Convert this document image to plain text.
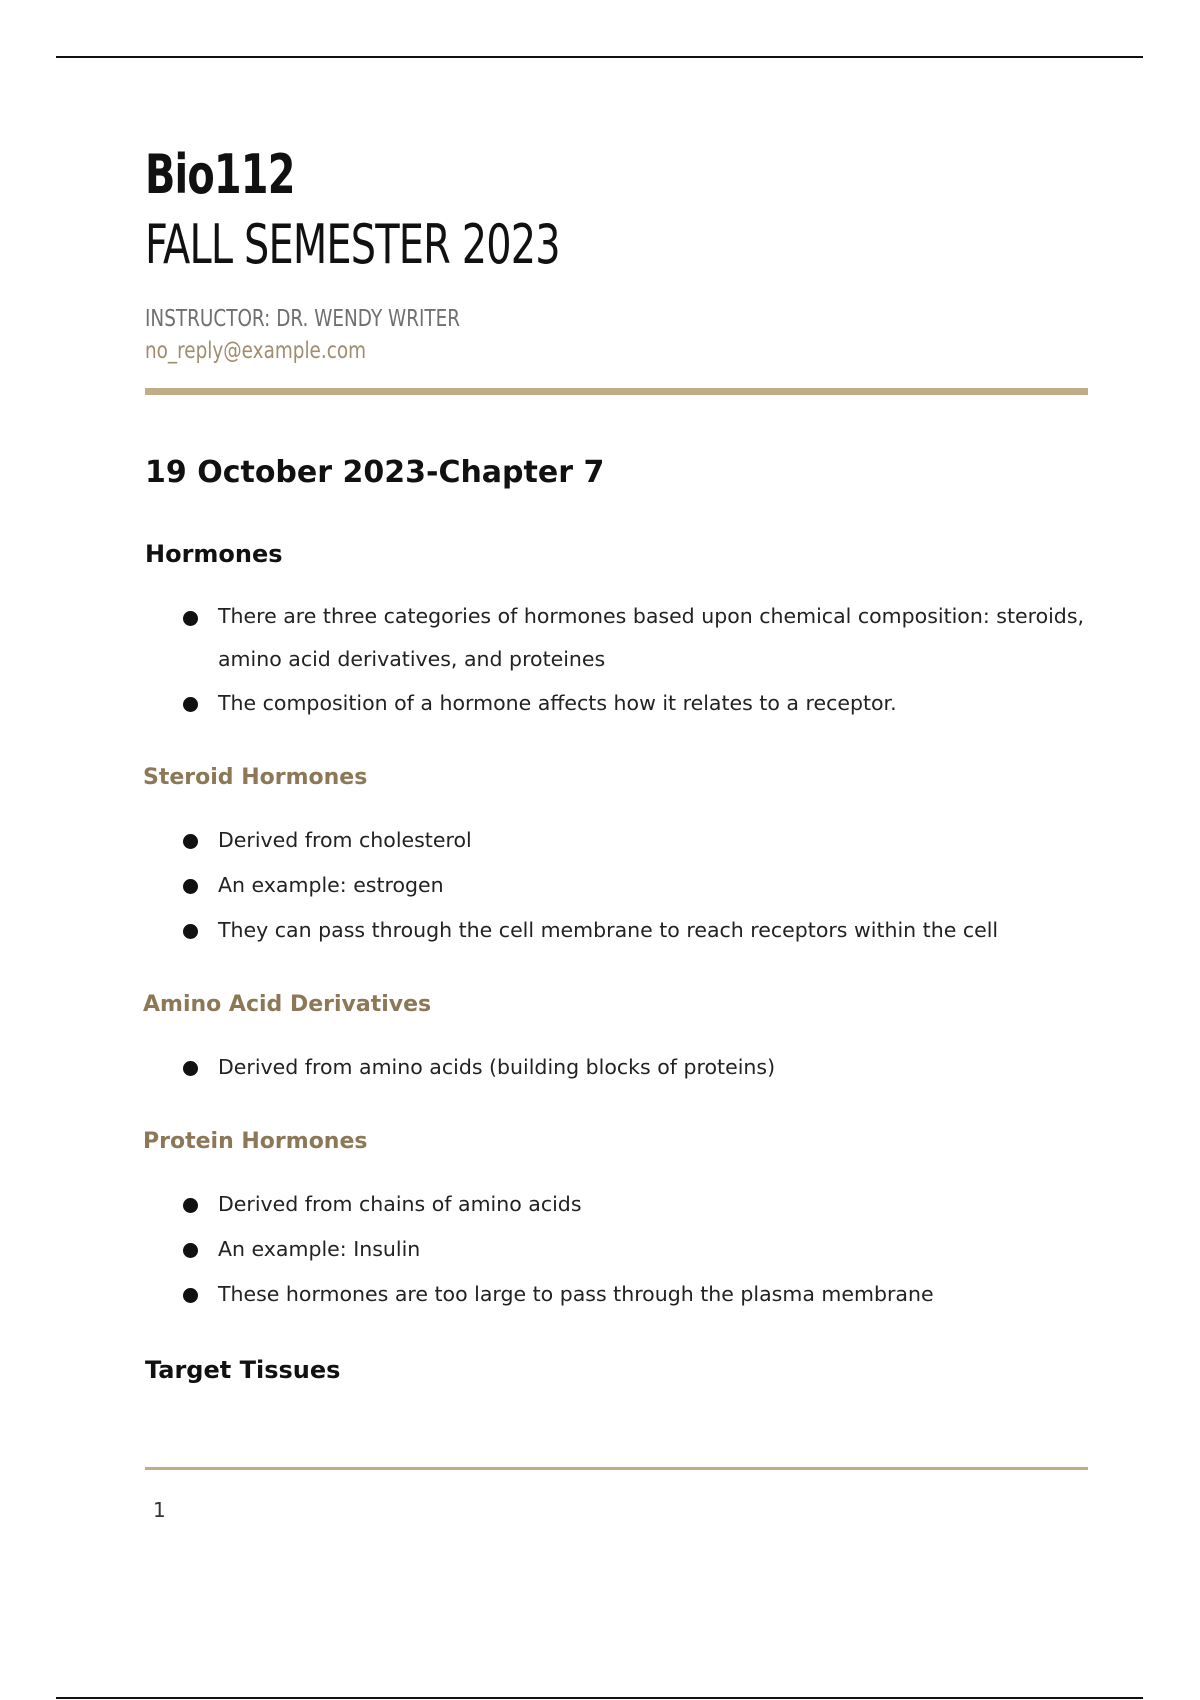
Bio112
FALL SEMESTER 2023
INSTRUCTOR: DR. WENDY WRITER
no_reply@example.com
19 October 2023-Chapter 7
Hormones
There are three categories of hormones based upon chemical composition: steroids, amino acid derivatives, and proteines
The composition of a hormone affects how it relates to a receptor.
Steroid Hormones
Derived from cholesterol
An example: estrogen
They can pass through the cell membrane to reach receptors within the cell
Amino Acid Derivatives
Derived from amino acids (building blocks of proteins)
Protein Hormones
Derived from chains of amino acids
An example: Insulin
These hormones are too large to pass through the plasma membrane
Target Tissues
1
